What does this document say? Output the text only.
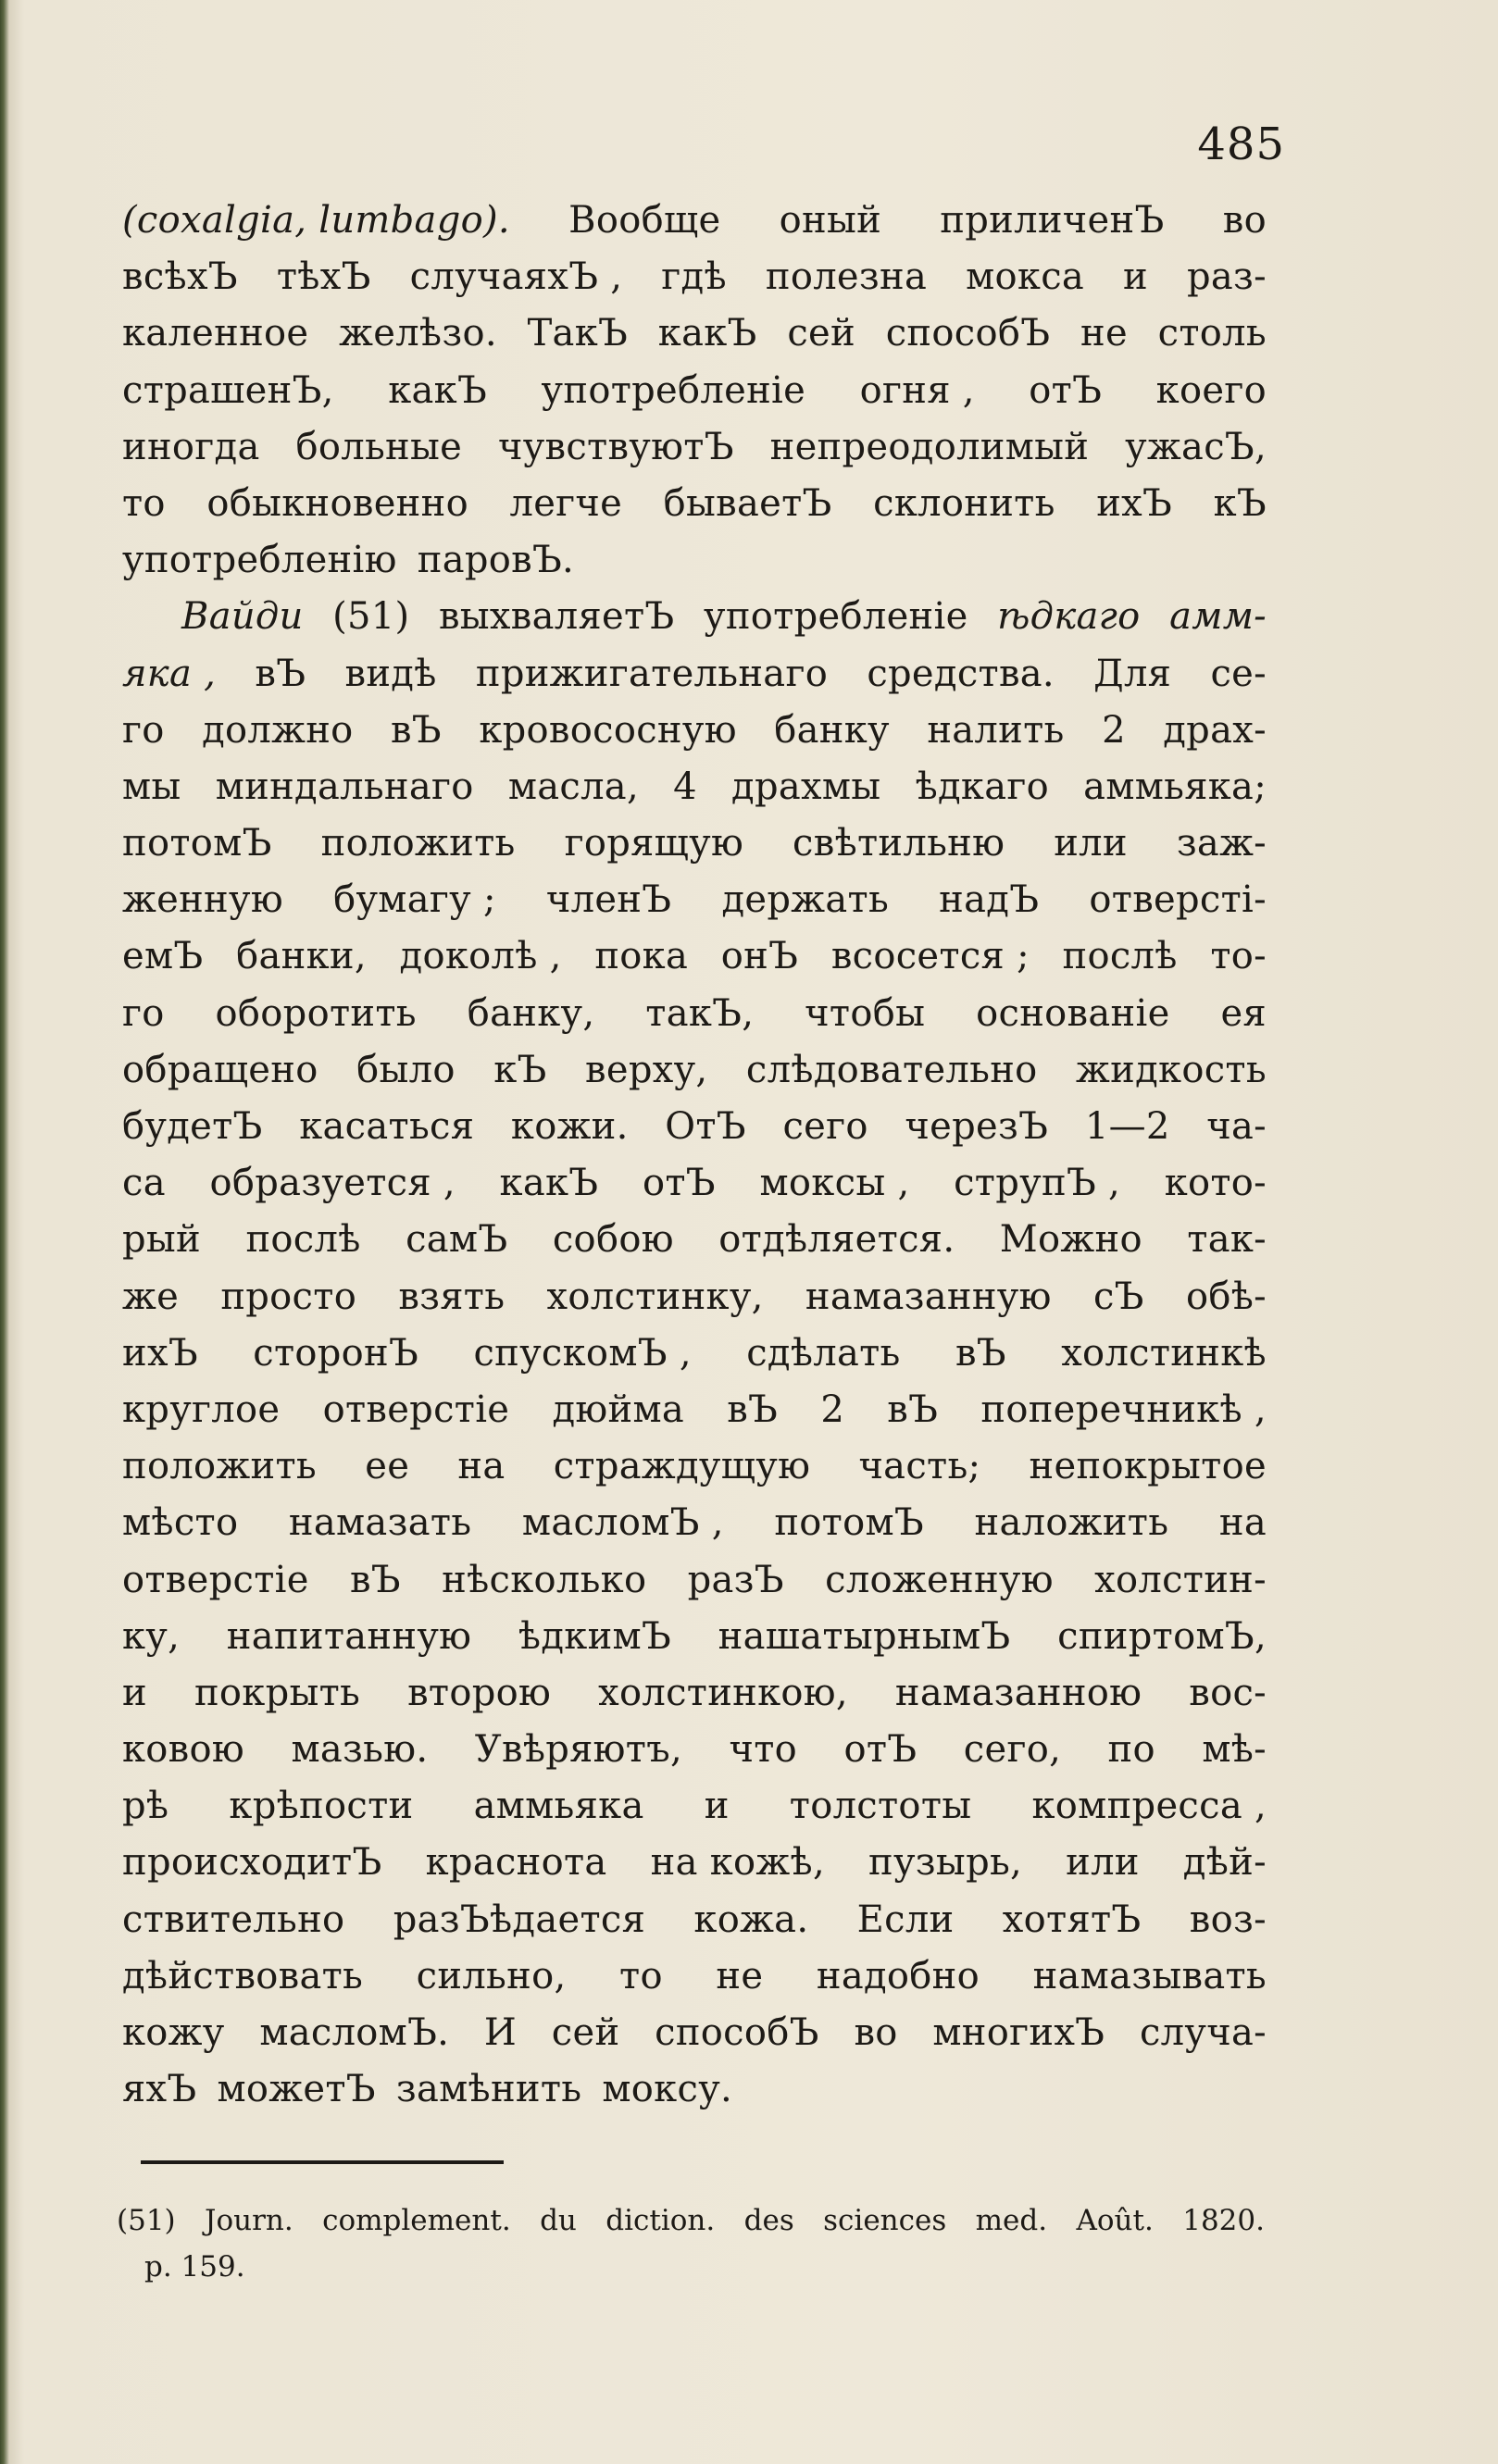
485
(coxalgia, lumbago). Вообще оный приличенЪ во
всѣхЪ тѣхЪ случаяхЪ , гдѣ полезна мокса и раз-
каленное желѣзо. ТакЪ какЪ сей способЪ не столь
страшенЪ, какЪ употребленіе огня , отЪ коего
иногда больные чувствуютЪ непреодолимый ужасЪ,
то обыкновенно легче бываетЪ склонить ихЪ кЪ
употребленію паровЪ.
Вайди (51) выхваляетЪ употребленіе ѣдкаго амм-
яка , вЪ видѣ прижигательнаго средства. Для се-
го должно вЪ кровососную банку налить 2 драх-
мы миндальнаго масла, 4 драхмы ѣдкаго аммьяка;
потомЪ положить горящую свѣтильню или заж-
женную бумагу ; членЪ держать надЪ отверсті-
емЪ банки, доколѣ , пока онЪ всосется ; послѣ то-
го оборотить банку, такЪ, чтобы основаніе ея
обращено было кЪ верху, слѣдовательно жидкость
будетЪ касаться кожи. ОтЪ сего черезЪ 1—2 ча-
са образуется , какЪ отЪ моксы , струпЪ , кото-
рый послѣ самЪ собою отдѣляется. Можно так-
же просто взять холстинку, намазанную сЪ обѣ-
ихЪ сторонЪ спускомЪ , сдѣлать вЪ холстинкѣ
круглое отверстіе дюйма вЪ 2 вЪ поперечникѣ ,
положить ее на страждущую часть; непокрытое
мѣсто намазать масломЪ , потомЪ наложить на
отверстіе вЪ нѣсколько разЪ сложенную холстин-
ку, напитанную ѣдкимЪ нашатырнымЪ спиртомЪ,
и покрыть второю холстинкою, намазанною вос-
ковою мазью. Увѣряютъ, что отЪ сего, по мѣ-
рѣ крѣпости аммьяка и толстоты компресса ,
происходитЪ краснота на кожѣ, пузырь, или дѣй-
ствительно разЪѣдается кожа. Если хотятЪ воз-
дѣйствовать сильно, то не надобно намазывать
кожу масломЪ. И сей способЪ во многихЪ случа-
яхЪ можетЪ замѣнить моксу.
(51) Journ. complement. du diction. des sciences med. Août. 1820.
p. 159.
